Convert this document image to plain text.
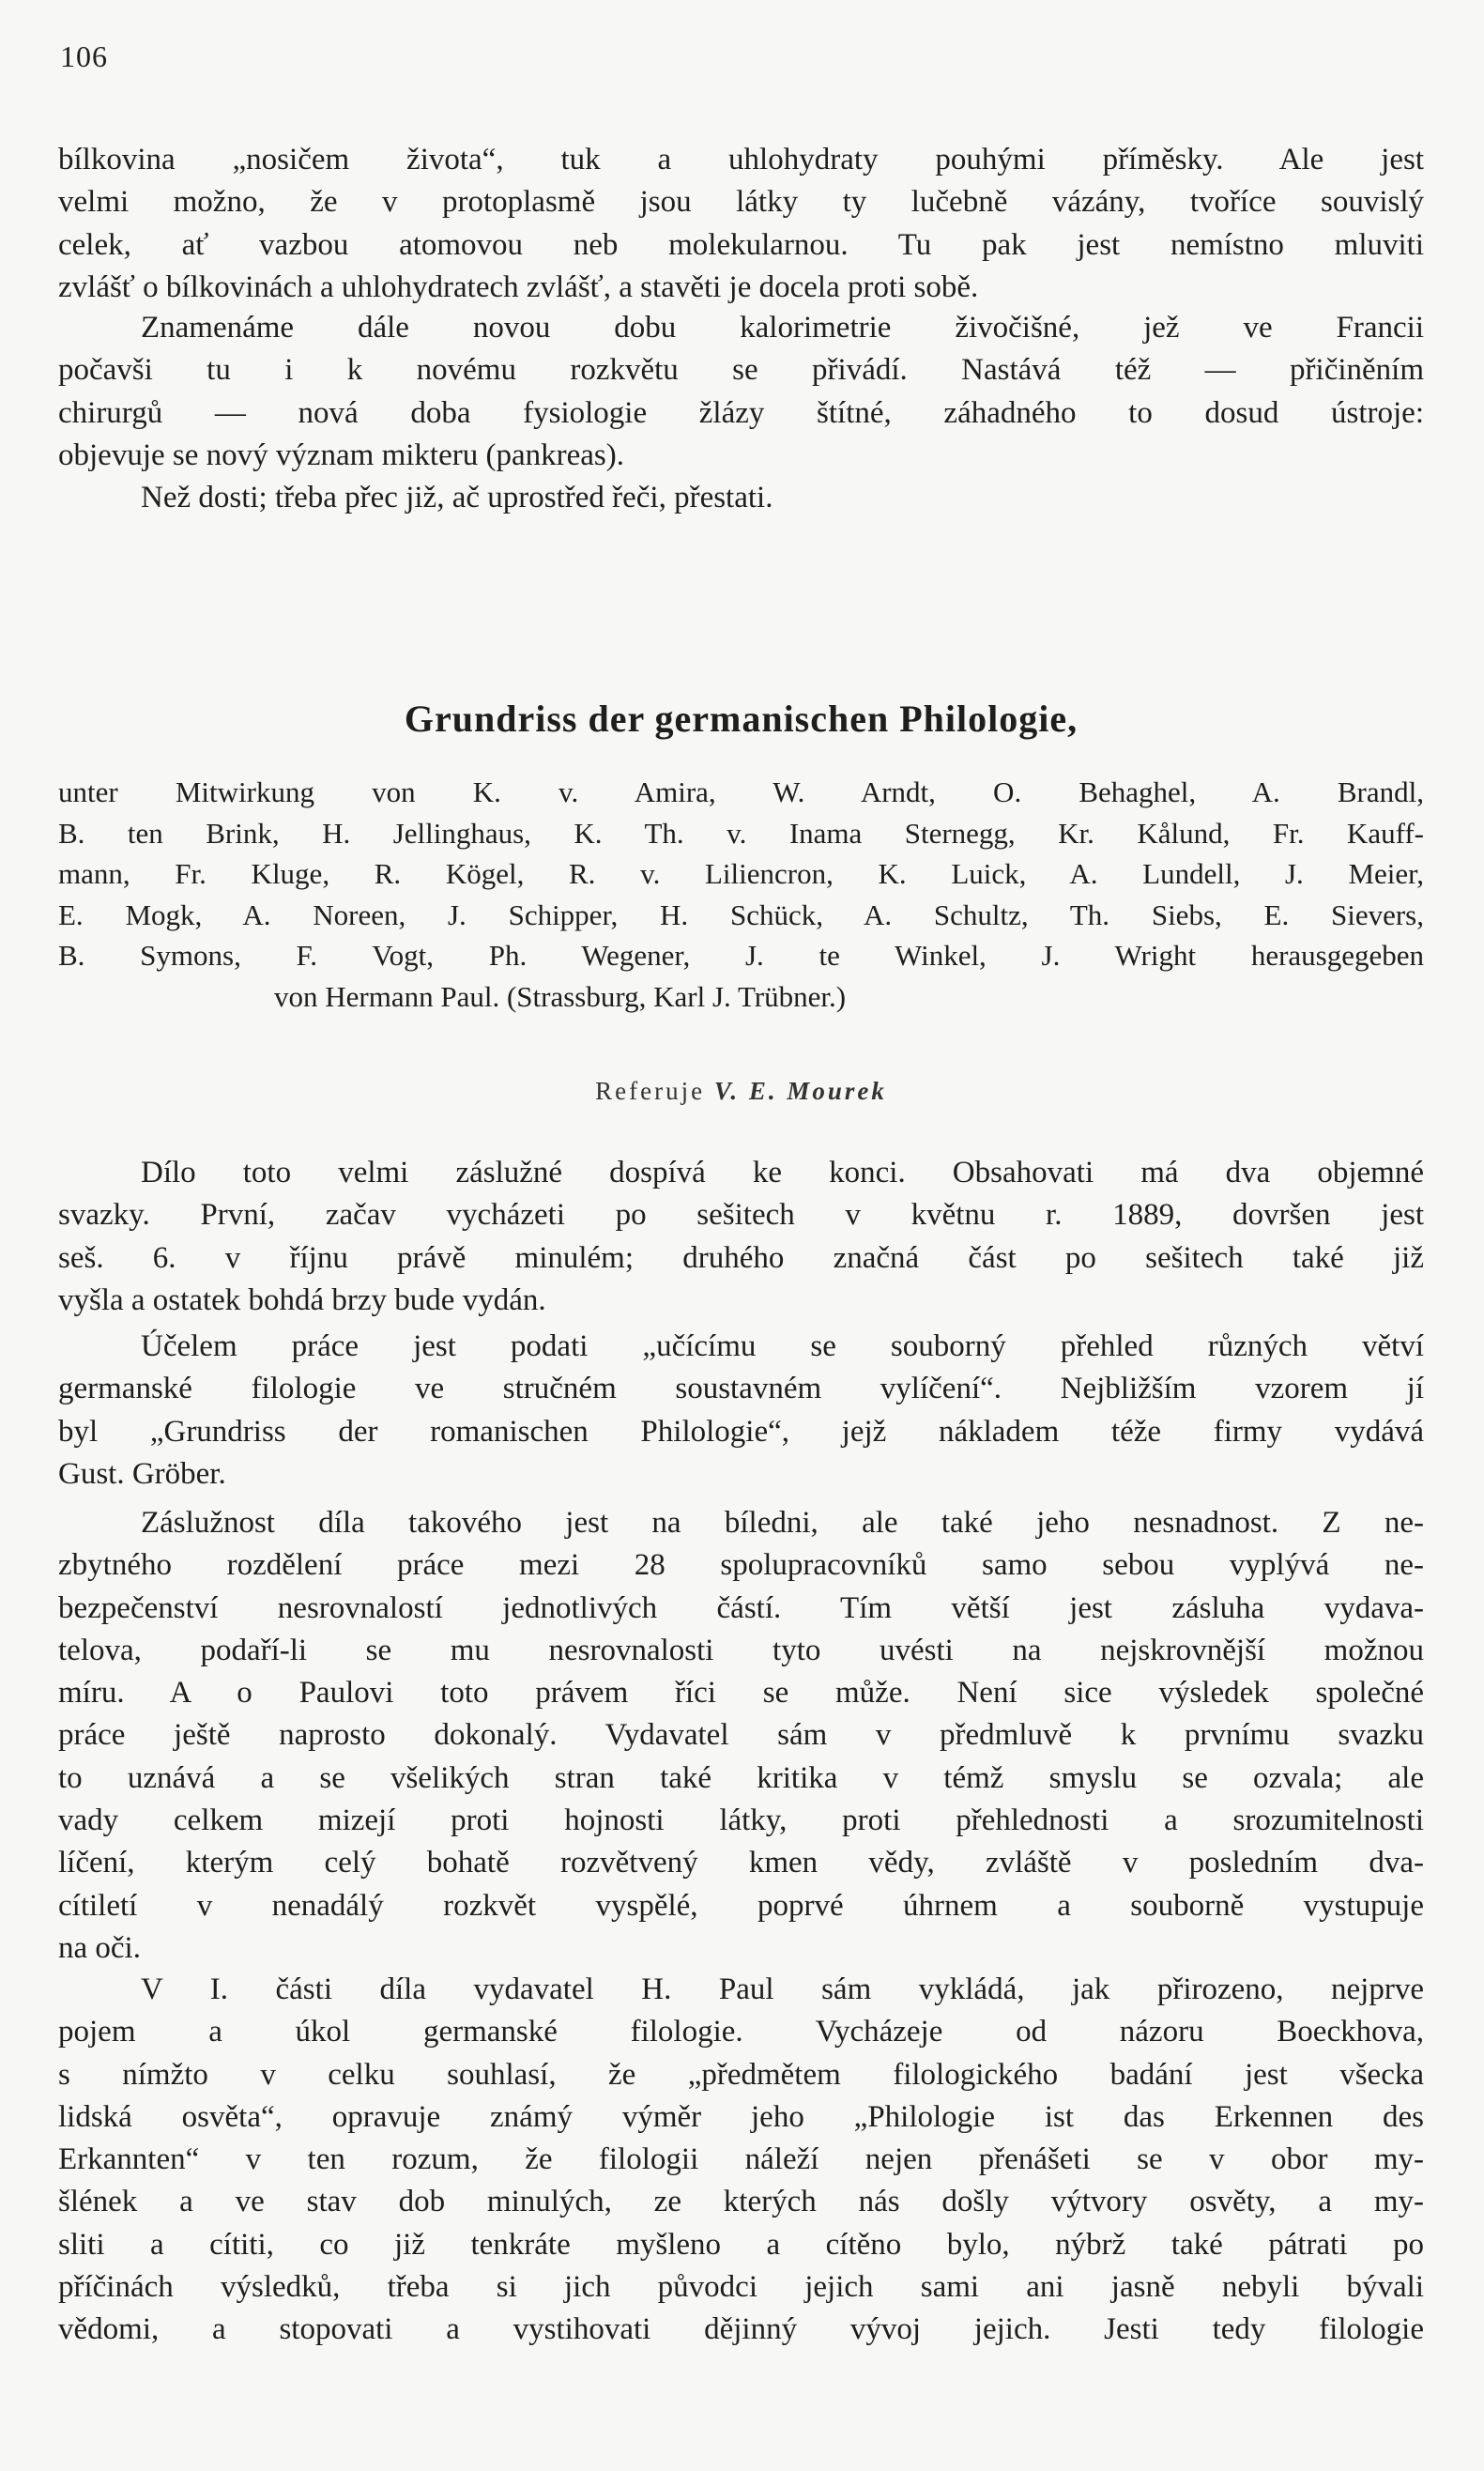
106
bílkovina „nosičem života“, tuk a uhlohydraty pouhými příměsky. Ale jest
velmi možno, že v protoplasmě jsou látky ty lučebně vázány, tvoříce souvislý
celek, ať vazbou atomovou neb molekularnou. Tu pak jest nemístno mluviti
zvlášť o bílkovinách a uhlohydratech zvlášť, a stavěti je docela proti sobě.
Znamenáme dále novou dobu kalorimetrie živočišné, jež ve Francii
počavši tu i k novému rozkvětu se přivádí. Nastává též — přičiněním
chirurgů — nová doba fysiologie žlázy štítné, záhadného to dosud ústroje:
objevuje se nový význam mikteru (pankreas).
Než dosti; třeba přec již, ač uprostřed řeči, přestati.
Grundriss der germanischen Philologie,
unter Mitwirkung von K. v. Amira, W. Arndt, O. Behaghel, A. Brandl,
B. ten Brink, H. Jellinghaus, K. Th. v. Inama Sternegg, Kr. Kålund, Fr. Kauff-
mann, Fr. Kluge, R. Kögel, R. v. Liliencron, K. Luick, A. Lundell, J. Meier,
E. Mogk, A. Noreen, J. Schipper, H. Schück, A. Schultz, Th. Siebs, E. Sievers,
B. Symons, F. Vogt, Ph. Wegener, J. te Winkel, J. Wright herausgegeben
von Hermann Paul. (Strassburg, Karl J. Trübner.)
Referuje V. E. Mourek
Dílo toto velmi záslužné dospívá ke konci. Obsahovati má dva objemné
svazky. První, začav vycházeti po sešitech v květnu r. 1889, dovršen jest
seš. 6. v říjnu právě minulém; druhého značná část po sešitech také již
vyšla a ostatek bohdá brzy bude vydán.
Účelem práce jest podati „učícímu se souborný přehled různých větví
germanské filologie ve stručném soustavném vylíčení“. Nejbližším vzorem jí
byl „Grundriss der romanischen Philologie“, jejž nákladem téže firmy vydává
Gust. Gröber.
Záslužnost díla takového jest na bíledni, ale také jeho nesnadnost. Z ne-
zbytného rozdělení práce mezi 28 spolupracovníků samo sebou vyplývá ne-
bezpečenství nesrovnalostí jednotlivých částí. Tím větší jest zásluha vydava-
telova, podaří-li se mu nesrovnalosti tyto uvésti na nejskrovnější možnou
míru. A o Paulovi toto právem říci se může. Není sice výsledek společné
práce ještě naprosto dokonalý. Vydavatel sám v předmluvě k prvnímu svazku
to uznává a se všelikých stran také kritika v témž smyslu se ozvala; ale
vady celkem mizejí proti hojnosti látky, proti přehlednosti a srozumitelnosti
líčení, kterým celý bohatě rozvětvený kmen vědy, zvláště v posledním dva-
cítiletí v nenadálý rozkvět vyspělé, poprvé úhrnem a souborně vystupuje
na oči.
V I. části díla vydavatel H. Paul sám vykládá, jak přirozeno, nejprve
pojem a úkol germanské filologie. Vycházeje od názoru Boeckhova,
s nímžto v celku souhlasí, že „předmětem filologického badání jest všecka
lidská osvěta“, opravuje známý výměr jeho „Philologie ist das Erkennen des
Erkannten“ v ten rozum, že filologii náleží nejen přenášeti se v obor my-
šlének a ve stav dob minulých, ze kterých nás došly výtvory osvěty, a my-
sliti a cítiti, co již tenkráte myšleno a cítěno bylo, nýbrž také pátrati po
příčinách výsledků, třeba si jich původci jejich sami ani jasně nebyli bývali
vědomi, a stopovati a vystihovati dějinný vývoj jejich. Jesti tedy filologie
